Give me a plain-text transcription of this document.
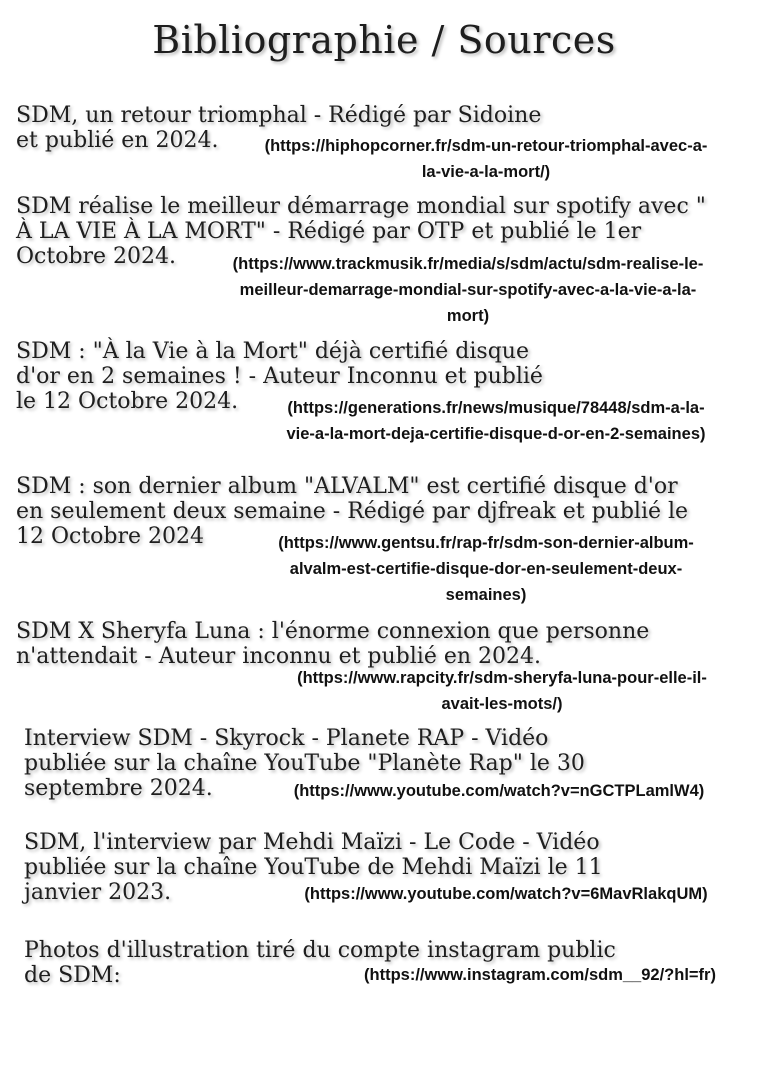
Bibliographie / Sources
SDM, un retour triomphal - Rédigé par Sidoine
et publié en 2024.	(https://hiphopcorner.fr/sdm-un-retour-triomphal-avec-a-
la-vie-a-la-mort/)
SDM réalise le meilleur démarrage mondial sur spotify avec "
À LA VIE À LA MORT" - Rédigé par OTP et publié le 1er
Octobre 2024.	(https://www.trackmusik.fr/media/s/sdm/actu/sdm-realise-le-
meilleur-demarrage-mondial-sur-spotify-avec-a-la-vie-a-la-
mort)
SDM : "À la Vie à la Mort" déjà certifié disque
d'or en 2 semaines ! - Auteur Inconnu et publié
le 12 Octobre 2024.	(https://generations.fr/news/musique/78448/sdm-a-la-
vie-a-la-mort-deja-certifie-disque-d-or-en-2-semaines)
SDM : son dernier album "ALVALM" est certifié disque d'or
en seulement deux semaine - Rédigé par djfreak et publié le
12 Octobre 2024	(https://www.gentsu.fr/rap-fr/sdm-son-dernier-album-
alvalm-est-certifie-disque-dor-en-seulement-deux-
semaines)
SDM X Sheryfa Luna : l'énorme connexion que personne
n'attendait - Auteur inconnu et publié en 2024.
(https://www.rapcity.fr/sdm-sheryfa-luna-pour-elle-il-
avait-les-mots/)
Interview SDM - Skyrock - Planete RAP - Vidéo
publiée sur la chaîne YouTube "Planète Rap" le 30
septembre 2024.	(https://www.youtube.com/watch?v=nGCTPLamlW4)
SDM, l'interview par Mehdi Maïzi - Le Code - Vidéo
publiée sur la chaîne YouTube de Mehdi Maïzi le 11
janvier 2023.	(https://www.youtube.com/watch?v=6MavRlakqUM)
Photos d'illustration tiré du compte instagram public
de SDM:	(https://www.instagram.com/sdm__92/?hl=fr)
